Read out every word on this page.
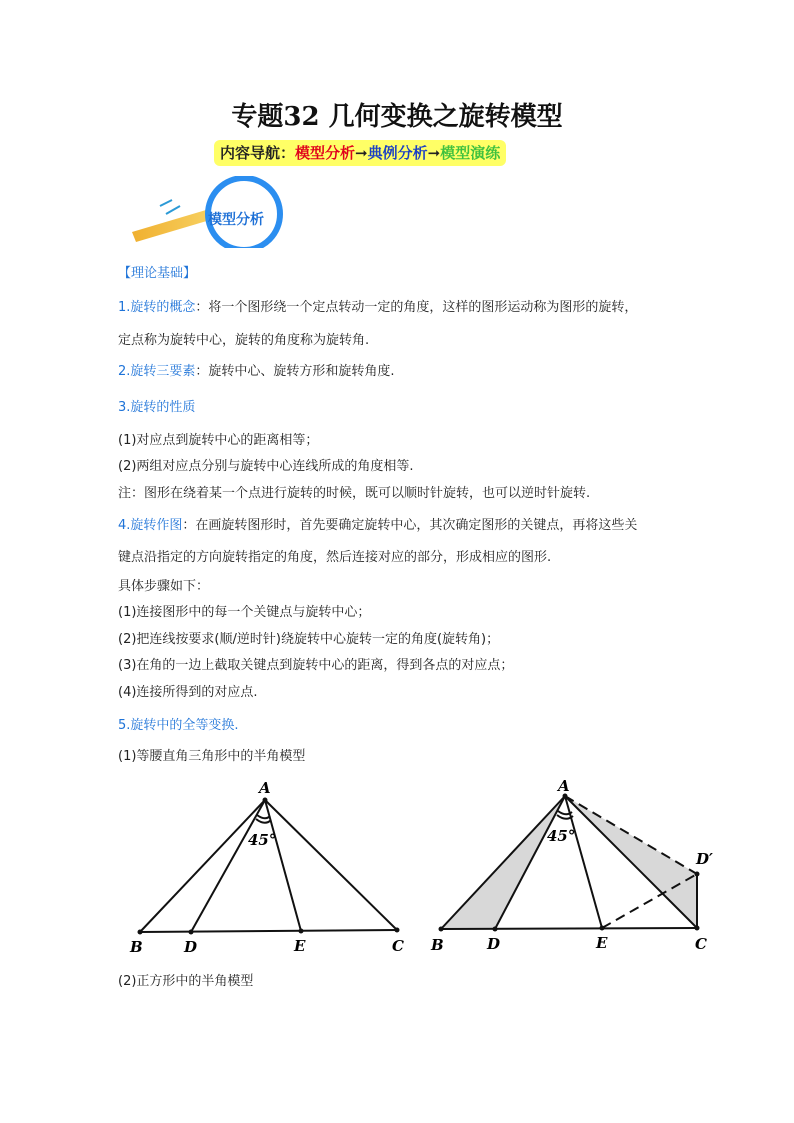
专题32 几何变换之旋转模型
内容导航：模型分析➞典例分析➞模型演练
模型分析
【理论基础】
1.旋转的概念：将一个图形绕一个定点转动一定的角度，这样的图形运动称为图形的旋转，
定点称为旋转中心，旋转的角度称为旋转角.
2.旋转三要素：旋转中心、旋转方形和旋转角度.
3.旋转的性质
(1)对应点到旋转中心的距离相等；
(2)两组对应点分别与旋转中心连线所成的角度相等.
注：图形在绕着某一个点进行旋转的时候，既可以顺时针旋转，也可以逆时针旋转.
4.旋转作图：在画旋转图形时，首先要确定旋转中心，其次确定图形的关键点，再将这些关
键点沿指定的方向旋转指定的角度，然后连接对应的部分，形成相应的图形.
具体步骤如下：
(1)连接图形中的每一个关键点与旋转中心；
(2)把连线按要求(顺/逆时针)绕旋转中心旋转一定的角度(旋转角)；
(3)在角的一边上截取关键点到旋转中心的距离，得到各点的对应点；
(4)连接所得到的对应点.
5.旋转中的全等变换.
(1)等腰直角三角形中的半角模型
A
45°
B	D	E	C
A
45°
B	D	E	C
D′
(2)正方形中的半角模型
